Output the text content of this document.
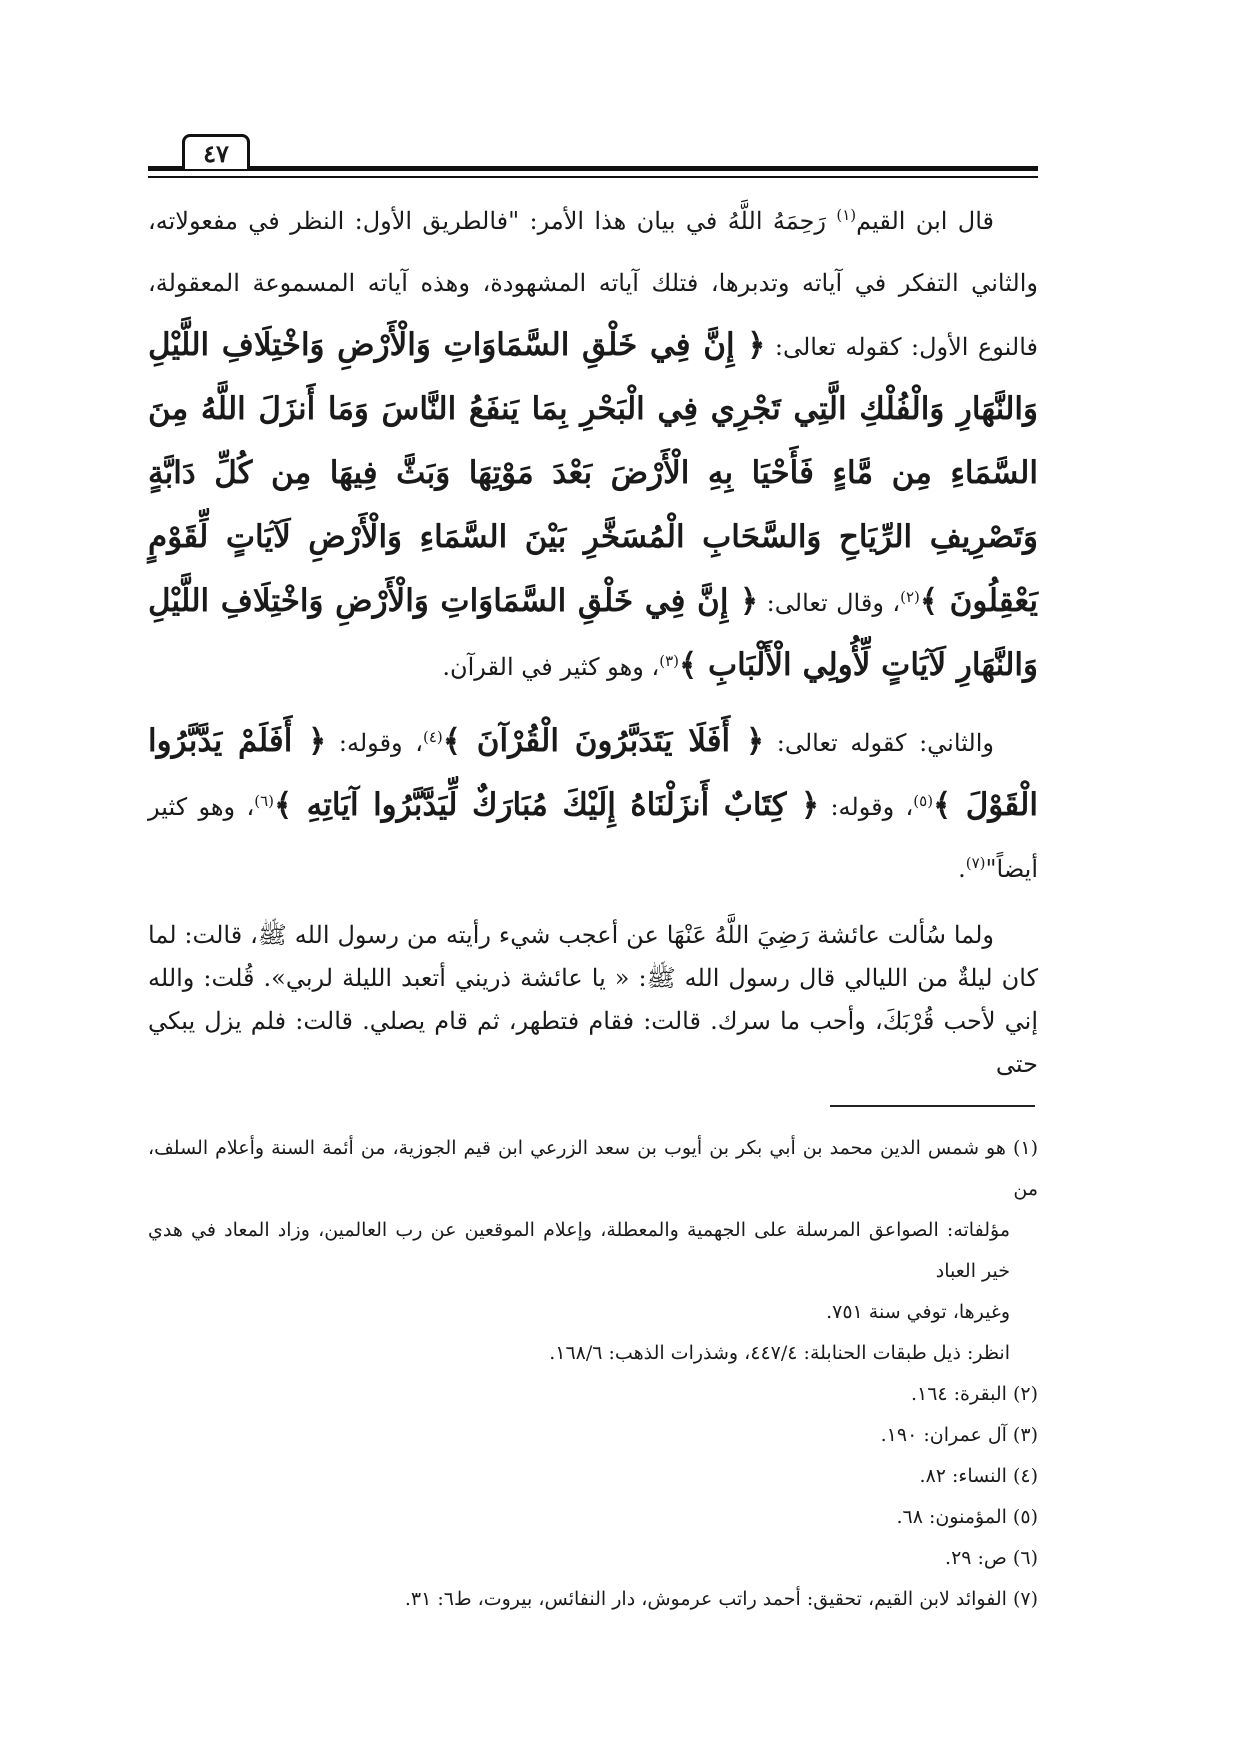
٤٧

قال ابن القيم$^{(١)}$ رَحِمَهُ اللَّهُ في بيان هذا الأمر: "فالطريق الأول: النظر في مفعولاته، والثاني التفكر في آياته وتدبرها، فتلك آياته المشهودة، وهذه آياته المسموعة المعقولة، فالنوع الأول: كقوله تعالى: ﴿ إِنَّ فِي خَلْقِ السَّمَاوَاتِ وَالْأَرْضِ وَاخْتِلَافِ اللَّيْلِ وَالنَّهَارِ وَالْفُلْكِ الَّتِي تَجْرِي فِي الْبَحْرِ بِمَا يَنفَعُ النَّاسَ وَمَا أَنزَلَ اللَّهُ مِنَ السَّمَاءِ مِن مَّاءٍ فَأَحْيَا بِهِ الْأَرْضَ بَعْدَ مَوْتِهَا وَبَثَّ فِيهَا مِن كُلِّ دَابَّةٍ وَتَصْرِيفِ الرِّيَاحِ وَالسَّحَابِ الْمُسَخَّرِ بَيْنَ السَّمَاءِ وَالْأَرْضِ لَآيَاتٍ لِّقَوْمٍ يَعْقِلُونَ ﴾$^{(٢)}$، وقال تعالى: ﴿ إِنَّ فِي خَلْقِ السَّمَاوَاتِ وَالْأَرْضِ وَاخْتِلَافِ اللَّيْلِ وَالنَّهَارِ لَآيَاتٍ لِّأُولِي الْأَلْبَابِ ﴾$^{(٣)}$، وهو كثير في القرآن.

والثاني: كقوله تعالى: ﴿ أَفَلَا يَتَدَبَّرُونَ الْقُرْآنَ ﴾$^{(٤)}$، وقوله: ﴿ أَفَلَمْ يَدَّبَّرُوا الْقَوْلَ ﴾$^{(٥)}$، وقوله: ﴿ كِتَابٌ أَنزَلْنَاهُ إِلَيْكَ مُبَارَكٌ لِّيَدَّبَّرُوا آيَاتِهِ ﴾$^{(٦)}$، وهو كثير أيضاً"$^{(٧)}$.

ولما سُألت عائشة رَضِيَ اللَّهُ عَنْهَا عن أعجب شيء رأيته من رسول الله ﷺ، قالت: لما كان ليلةٌ من الليالي قال رسول الله ﷺ: « يا عائشة ذريني أتعبد الليلة لربي». قُلت: والله إني لأحب قُرْبَكَ، وأحب ما سرك. قالت: فقام فتطهر، ثم قام يصلي. قالت: فلم يزل يبكي حتى

(١) هو شمس الدين محمد بن أبي بكر بن أيوب بن سعد الزرعي ابن قيم الجوزية، من أئمة السنة وأعلام السلف، من

مؤلفاته: الصواعق المرسلة على الجهمية والمعطلة، وإعلام الموقعين عن رب العالمين، وزاد المعاد في هدي خير العباد

وغيرها، توفي سنة ٧٥١.

انظر: ذيل طبقات الحنابلة: ٤٤٧/٤، وشذرات الذهب: ١٦٨/٦.

(٢) البقرة: ١٦٤.

(٣) آل عمران: ١٩٠.

(٤) النساء: ٨٢.

(٥) المؤمنون: ٦٨.

(٦) ص: ٢٩.

(٧) الفوائد لابن القيم، تحقيق: أحمد راتب عرموش، دار النفائس، بيروت، ط٦: ٣١.
